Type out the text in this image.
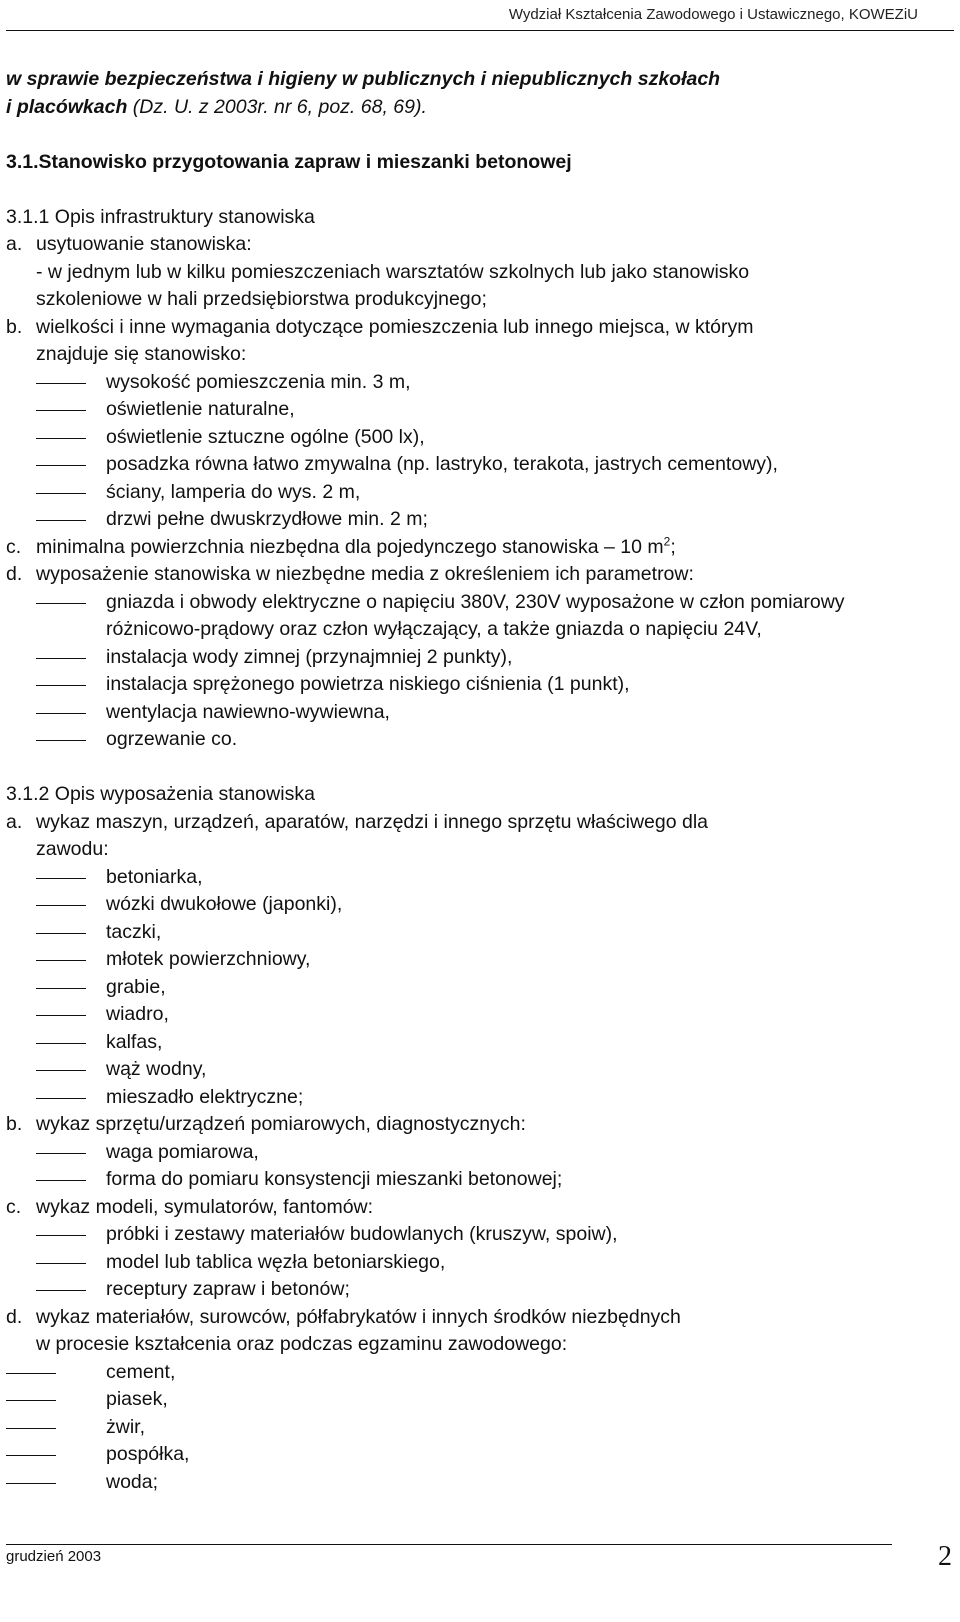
Wydział Kształcenia Zawodowego i Ustawicznego, KOWEZiU
w sprawie bezpieczeństwa i higieny w publicznych i niepublicznych szkołach
i placówkach (Dz. U. z 2003r. nr 6, poz. 68, 69).
3.1.Stanowisko przygotowania zapraw i mieszanki betonowej
3.1.1 Opis infrastruktury stanowiska
a. usytuowanie stanowiska:
- w jednym lub w kilku pomieszczeniach warsztatów szkolnych lub jako stanowisko
szkoleniowe w hali przedsiębiorstwa produkcyjnego;
b. wielkości i inne wymagania dotyczące pomieszczenia lub innego miejsca, w którym
znajduje się stanowisko:
wysokość pomieszczenia min. 3 m,
oświetlenie naturalne,
oświetlenie sztuczne ogólne (500 lx),
posadzka równa łatwo zmywalna (np. lastryko, terakota, jastrych cementowy),
ściany, lamperia do wys. 2 m,
drzwi pełne dwuskrzydłowe min. 2 m;
c. minimalna powierzchnia niezbędna dla pojedynczego stanowiska – 10 $m^2$;
d. wyposażenie stanowiska w niezbędne media z określeniem ich parametrow:
gniazda i obwody elektryczne o napięciu 380V, 230V wyposażone w człon pomiarowy różnicowo-prądowy oraz człon wyłączający, a także gniazda o napięciu 24V,
instalacja wody zimnej (przynajmniej 2 punkty),
instalacja sprężonego powietrza niskiego ciśnienia (1 punkt),
wentylacja nawiewno-wywiewna,
ogrzewanie co.
3.1.2 Opis wyposażenia stanowiska
a. wykaz maszyn, urządzeń, aparatów, narzędzi i innego sprzętu właściwego dla
zawodu:
betoniarka,
wózki dwukołowe (japonki),
taczki,
młotek powierzchniowy,
grabie,
wiadro,
kalfas,
wąż wodny,
mieszadło elektryczne;
b. wykaz sprzętu/urządzeń pomiarowych, diagnostycznych:
waga pomiarowa,
forma do pomiaru konsystencji mieszanki betonowej;
c. wykaz modeli, symulatorów, fantomów:
próbki i zestawy materiałów budowlanych (kruszyw, spoiw),
model lub tablica węzła betoniarskiego,
receptury zapraw i betonów;
d. wykaz materiałów, surowców, półfabrykatów i innych środków niezbędnych
w procesie kształcenia oraz podczas egzaminu zawodowego:
cement,
piasek,
żwir,
pospółka,
woda;
grudzień 2003	2
